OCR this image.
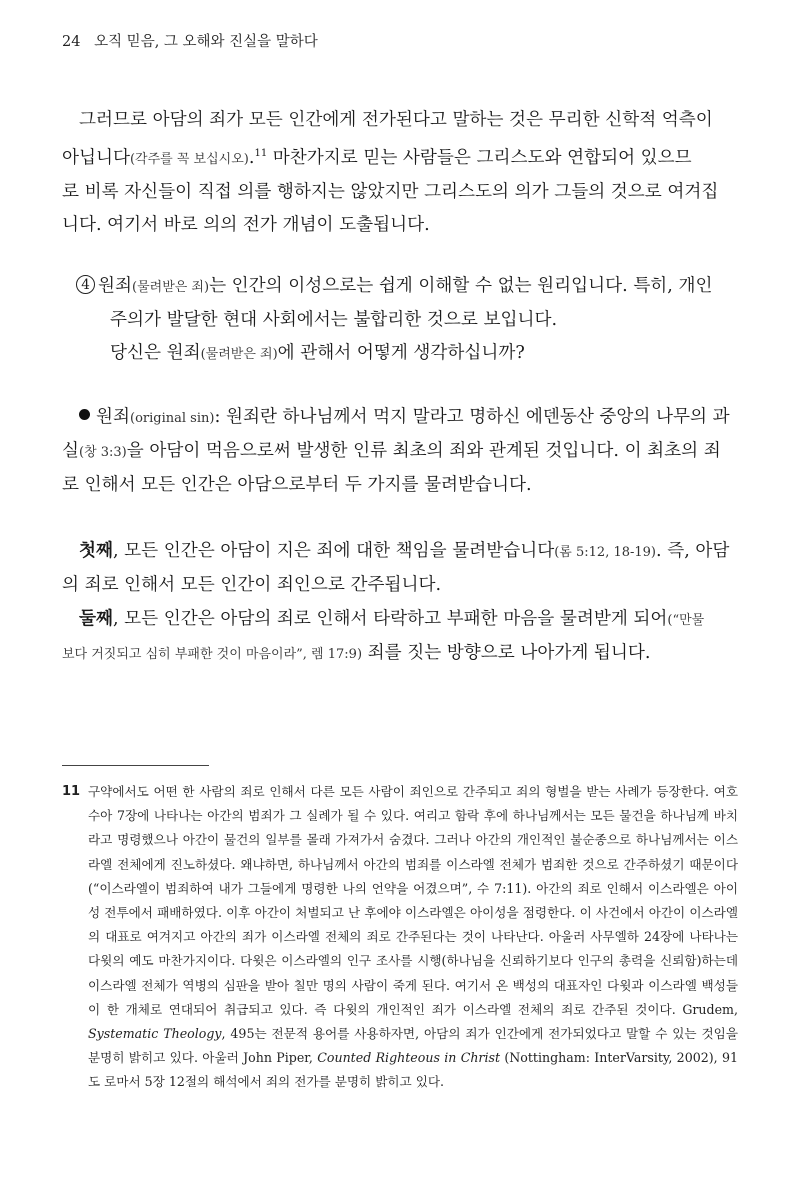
24 오직 믿음, 그 오해와 진실을 말하다

그러므로 아담의 죄가 모든 인간에게 전가된다고 말하는 것은 무리한 신학적 억측이

아닙니다(각주를 꼭 보십시오).$^{11}$ 마찬가지로 믿는 사람들은 그리스도와 연합되어 있으므

로 비록 자신들이 직접 의를 행하지는 않았지만 그리스도의 의가 그들의 것으로 여겨집

니다. 여기서 바로 의의 전가 개념이 도출됩니다.

4 원죄(물려받은 죄)는 인간의 이성으로는 쉽게 이해할 수 없는 원리입니다. 특히, 개인

주의가 발달한 현대 사회에서는 불합리한 것으로 보입니다.

당신은 원죄(물려받은 죄)에 관해서 어떻게 생각하십니까?

원죄(original sin): 원죄란 하나님께서 먹지 말라고 명하신 에덴동산 중앙의 나무의 과

실(창 3:3)을 아담이 먹음으로써 발생한 인류 최초의 죄와 관계된 것입니다. 이 최초의 죄

로 인해서 모든 인간은 아담으로부터 두 가지를 물려받습니다.

첫째, 모든 인간은 아담이 지은 죄에 대한 책임을 물려받습니다(롬 5:12, 18-19). 즉, 아담

의 죄로 인해서 모든 인간이 죄인으로 간주됩니다.

둘째, 모든 인간은 아담의 죄로 인해서 타락하고 부패한 마음을 물려받게 되어(“만물

보다 거짓되고 심히 부패한 것이 마음이라”, 렘 17:9) 죄를 짓는 방향으로 나아가게 됩니다.

11 구약에서도 어떤 한 사람의 죄로 인해서 다른 모든 사람이 죄인으로 간주되고 죄의 형벌을 받는 사례가 등장한다. 여호수아 7장에 나타나는 아간의 범죄가 그 실례가 될 수 있다. 여리고 함락 후에 하나님께서는 모든 물건을 하나님께 바치라고 명령했으나 아간이 물건의 일부를 몰래 가져가서 숨겼다. 그러나 아간의 개인적인 불순종으로 하나님께서는 이스라엘 전체에게 진노하셨다. 왜냐하면, 하나님께서 아간의 범죄를 이스라엘 전체가 범죄한 것으로 간주하셨기 때문이다(“이스라엘이 범죄하여 내가 그들에게 명령한 나의 언약을 어겼으며”, 수 7:11). 아간의 죄로 인해서 이스라엘은 아이성 전투에서 패배하였다. 이후 아간이 처벌되고 난 후에야 이스라엘은 아이성을 점령한다. 이 사건에서 아간이 이스라엘의 대표로 여겨지고 아간의 죄가 이스라엘 전체의 죄로 간주된다는 것이 나타난다. 아울러 사무엘하 24장에 나타나는 다윗의 예도 마찬가지이다. 다윗은 이스라엘의 인구 조사를 시행(하나님을 신뢰하기보다 인구의 총력을 신뢰함)하는데 이스라엘 전체가 역병의 심판을 받아 칠만 명의 사람이 죽게 된다. 여기서 온 백성의 대표자인 다윗과 이스라엘 백성들이 한 개체로 연대되어 취급되고 있다. 즉 다윗의 개인적인 죄가 이스라엘 전체의 죄로 간주된 것이다. Grudem, Systematic Theology, 495는 전문적 용어를 사용하자면, 아담의 죄가 인간에게 전가되었다고 말할 수 있는 것임을 분명히 밝히고 있다. 아울러 John Piper, Counted Righteous in Christ (Nottingham: InterVarsity, 2002), 91도 로마서 5장 12절의 해석에서 죄의 전가를 분명히 밝히고 있다.
